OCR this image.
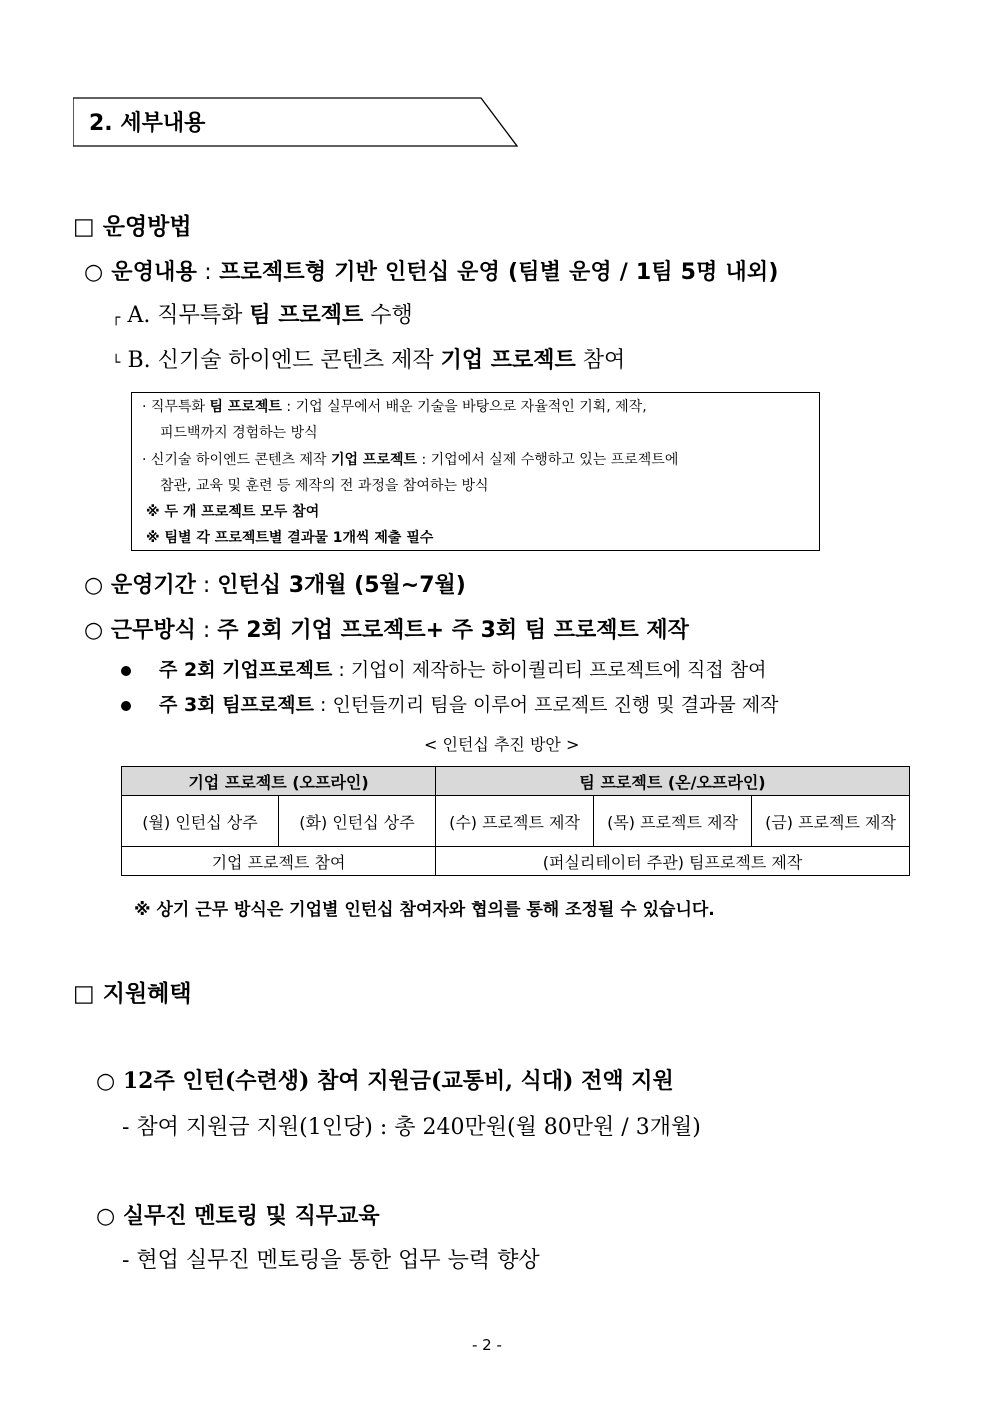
2. 세부내용
□ 운영방법
○ 운영내용 : 프로젝트형 기반 인턴십 운영 (팀별 운영 / 1팀 5명 내외)
┌ A. 직무특화 팀 프로젝트 수행
└ B. 신기술 하이엔드 콘텐츠 제작 기업 프로젝트 참여
· 직무특화 팀 프로젝트 : 기업 실무에서 배운 기술을 바탕으로 자율적인 기획, 제작,
피드백까지 경험하는 방식
· 신기술 하이엔드 콘텐츠 제작 기업 프로젝트 : 기업에서 실제 수행하고 있는 프로젝트에
참관, 교육 및 훈련 등 제작의 전 과정을 참여하는 방식
※ 두 개 프로젝트 모두 참여
※ 팀별 각 프로젝트별 결과물 1개씩 제출 필수
○ 운영기간 : 인턴십 3개월 (5월~7월)
○ 근무방식 : 주 2회 기업 프로젝트+ 주 3회 팀 프로젝트 제작
주 2회 기업프로젝트 : 기업이 제작하는 하이퀄리티 프로젝트에 직접 참여
주 3회 팀프로젝트 : 인턴들끼리 팀을 이루어 프로젝트 진행 및 결과물 제작
< 인턴십 추진 방안 >
기업 프로젝트 (오프라인)		팀 프로젝트 (온/오프라인)		
(월) 인턴십 상주	(화) 인턴십 상주	(수) 프로젝트 제작	(목) 프로젝트 제작	(금) 프로젝트 제작
기업 프로젝트 참여		(퍼실리테이터 주관) 팀프로젝트 제작		
※ 상기 근무 방식은 기업별 인턴십 참여자와 협의를 통해 조정될 수 있습니다.
□ 지원혜택
○ 12주 인턴(수련생) 참여 지원금(교통비, 식대) 전액 지원
- 참여 지원금 지원(1인당) : 총 240만원(월 80만원 / 3개월)
○ 실무진 멘토링 및 직무교육
- 현업 실무진 멘토링을 통한 업무 능력 향상
- 2 -
